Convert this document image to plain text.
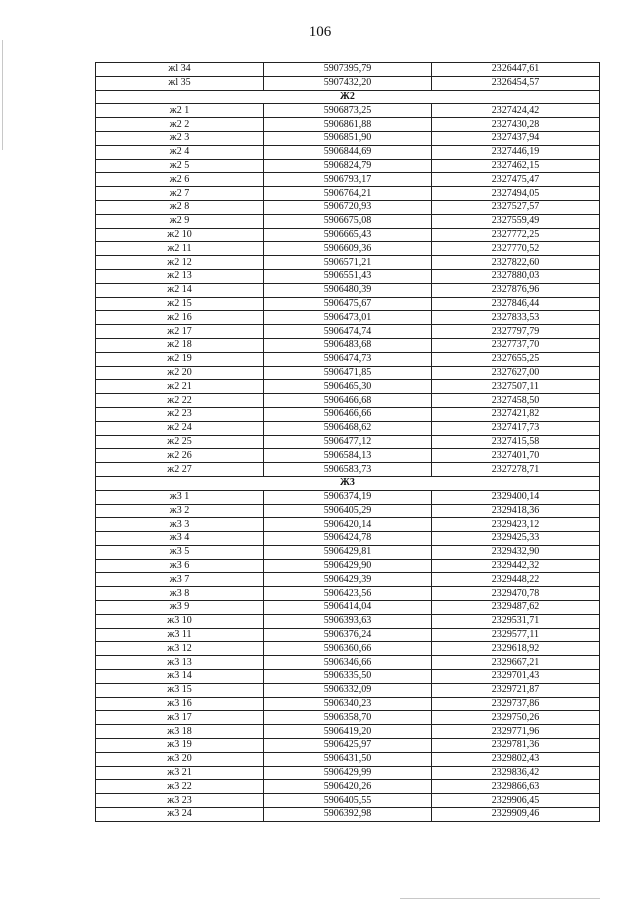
106
жl 34	5907395,79	2326447,61
жl 35	5907432,20	2326454,57
Ж2		
ж2 1	5906873,25	2327424,42
ж2 2	5906861,88	2327430,28
ж2 3	5906851,90	2327437,94
ж2 4	5906844,69	2327446,19
ж2 5	5906824,79	2327462,15
ж2 6	5906793,17	2327475,47
ж2 7	5906764,21	2327494,05
ж2 8	5906720,93	2327527,57
ж2 9	5906675,08	2327559,49
ж2 10	5906665,43	2327772,25
ж2 11	5906609,36	2327770,52
ж2 12	5906571,21	2327822,60
ж2 13	5906551,43	2327880,03
ж2 14	5906480,39	2327876,96
ж2 15	5906475,67	2327846,44
ж2 16	5906473,01	2327833,53
ж2 17	5906474,74	2327797,79
ж2 18	5906483,68	2327737,70
ж2 19	5906474,73	2327655,25
ж2 20	5906471,85	2327627,00
ж2 21	5906465,30	2327507,11
ж2 22	5906466,68	2327458,50
ж2 23	5906466,66	2327421,82
ж2 24	5906468,62	2327417,73
ж2 25	5906477,12	2327415,58
ж2 26	5906584,13	2327401,70
ж2 27	5906583,73	2327278,71
Ж3		
ж3 1	5906374,19	2329400,14
ж3 2	5906405,29	2329418,36
ж3 3	5906420,14	2329423,12
ж3 4	5906424,78	2329425,33
ж3 5	5906429,81	2329432,90
ж3 6	5906429,90	2329442,32
ж3 7	5906429,39	2329448,22
ж3 8	5906423,56	2329470,78
ж3 9	5906414,04	2329487,62
ж3 10	5906393,63	2329531,71
ж3 11	5906376,24	2329577,11
ж3 12	5906360,66	2329618,92
ж3 13	5906346,66	2329667,21
ж3 14	5906335,50	2329701,43
ж3 15	5906332,09	2329721,87
ж3 16	5906340,23	2329737,86
ж3 17	5906358,70	2329750,26
ж3 18	5906419,20	2329771,96
ж3 19	5906425,97	2329781,36
ж3 20	5906431,50	2329802,43
ж3 21	5906429,99	2329836,42
ж3 22	5906420,26	2329866,63
ж3 23	5906405,55	2329906,45
ж3 24	5906392,98	2329909,46
